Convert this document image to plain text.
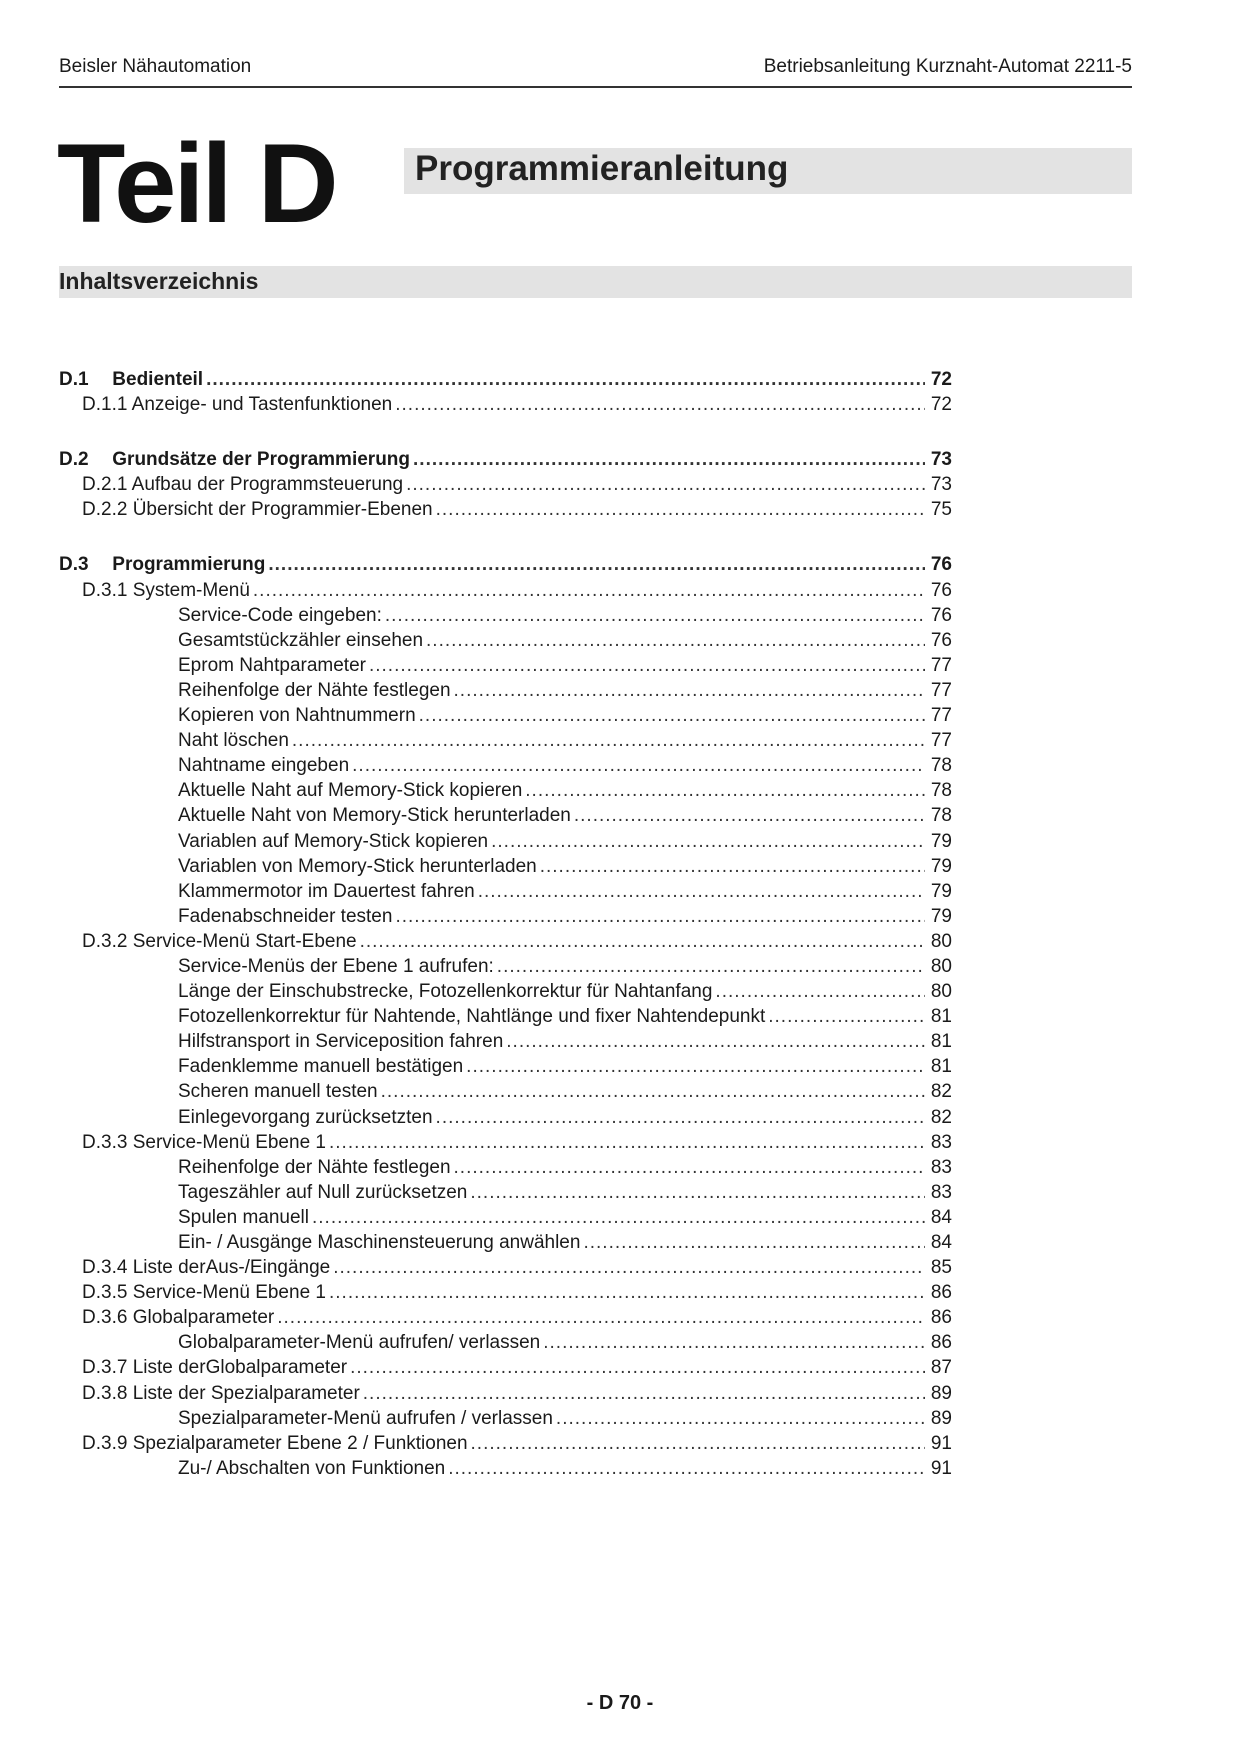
Beisler Nähautomation	Betriebsanleitung Kurznaht-Automat 2211-5
Teil D Programmieranleitung
Inhaltsverzeichnis
D.1 Bedienteil .....	72
D.1.1 Anzeige- und Tastenfunktionen .....	72
D.2 Grundsätze der Programmierung .....	73
D.2.1 Aufbau der Programmsteuerung .....	73
D.2.2 Übersicht der Programmier-Ebenen .....	75
D.3 Programmierung .....	76
D.3.1 System-Menü .....	76
Service-Code eingeben: .....	76
Gesamtstückzähler einsehen .....	76
Eprom Nahtparameter .....	77
Reihenfolge der Nähte festlegen .....	77
Kopieren von Nahtnummern .....	77
Naht löschen .....	77
Nahtname eingeben .....	78
Aktuelle Naht auf Memory-Stick kopieren .....	78
Aktuelle Naht von Memory-Stick herunterladen .....	78
Variablen auf Memory-Stick kopieren .....	79
Variablen von Memory-Stick herunterladen .....	79
Klammermotor im Dauertest fahren .....	79
Fadenabschneider testen .....	79
D.3.2 Service-Menü Start-Ebene .....	80
Service-Menüs der Ebene 1 aufrufen: .....	80
Länge der Einschubstrecke, Fotozellenkorrektur für Nahtanfang .....	80
Fotozellenkorrektur für Nahtende, Nahtlänge und fixer Nahtendepunkt .....	81
Hilfstransport in Serviceposition fahren .....	81
Fadenklemme manuell bestätigen .....	81
Scheren manuell testen .....	82
Einlegevorgang zurücksetzten .....	82
D.3.3 Service-Menü Ebene 1 .....	83
Reihenfolge der Nähte festlegen .....	83
Tageszähler auf Null zurücksetzen .....	83
Spulen manuell .....	84
Ein- / Ausgänge Maschinensteuerung anwählen .....	84
D.3.4 Liste derAus-/Eingänge .....	85
D.3.5 Service-Menü Ebene 1 .....	86
D.3.6 Globalparameter .....	86
Globalparameter-Menü aufrufen/ verlassen .....	86
D.3.7 Liste derGlobalparameter .....	87
D.3.8 Liste der Spezialparameter .....	89
Spezialparameter-Menü aufrufen / verlassen .....	89
D.3.9 Spezialparameter Ebene 2 / Funktionen .....	91
Zu-/ Abschalten von Funktionen .....	91
- D 70 -
